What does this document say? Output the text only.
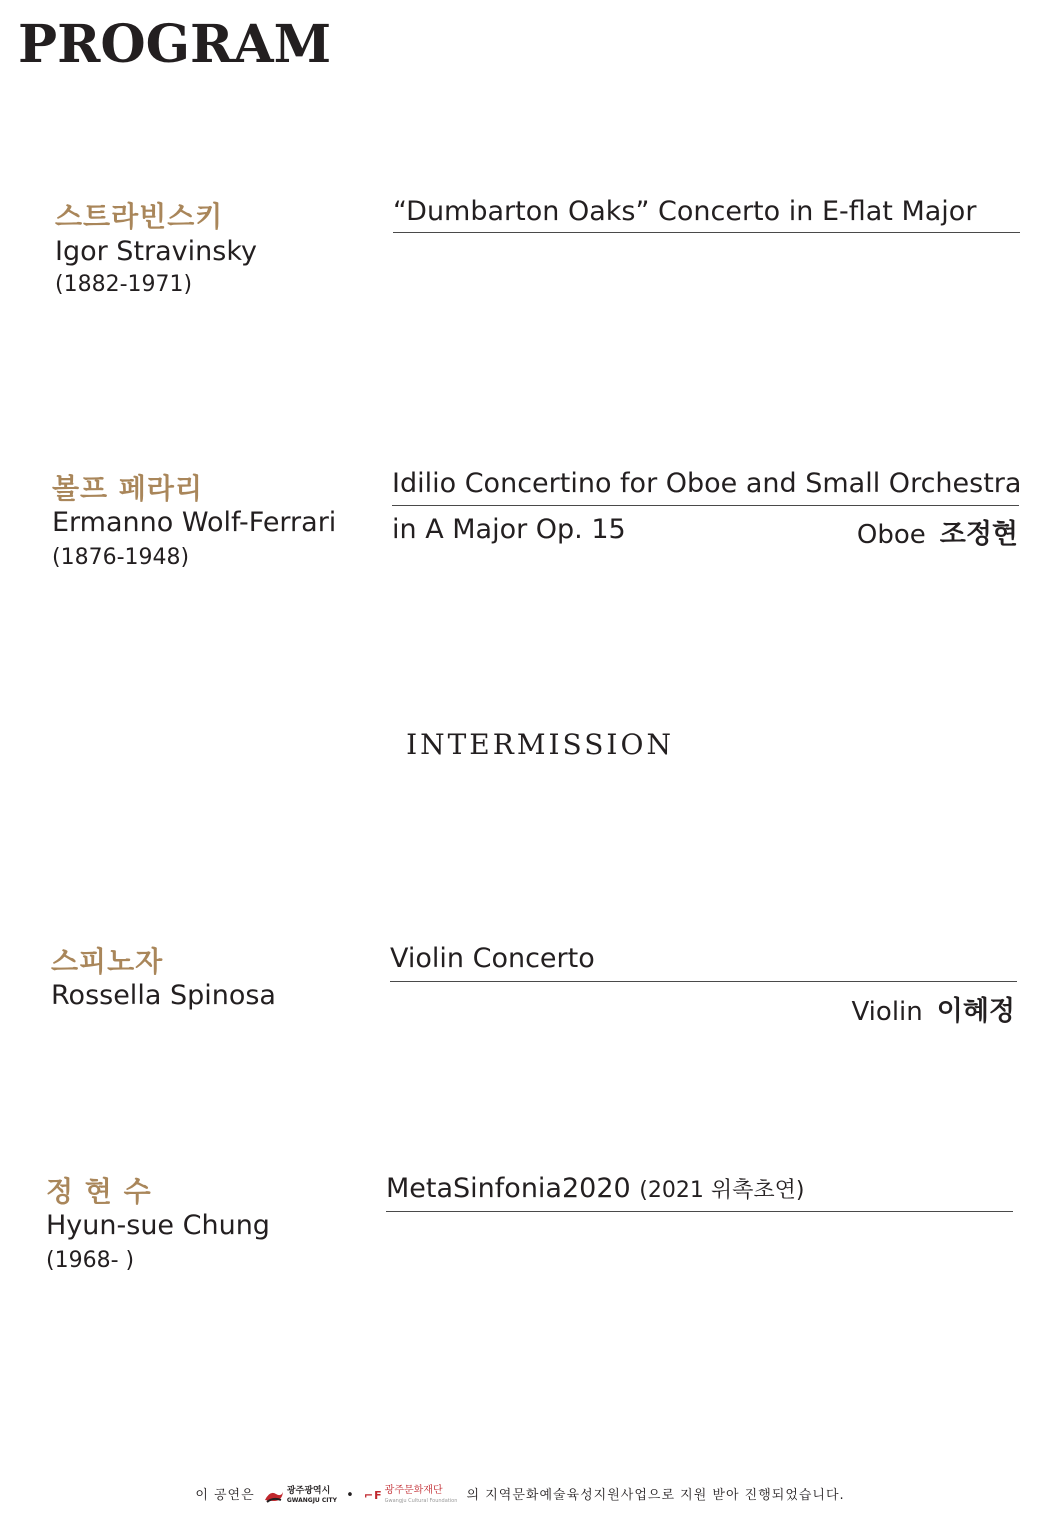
PROGRAM
스트라빈스키
Igor Stravinsky
(1882-1971)
“Dumbarton Oaks” Concerto in E-flat Major
볼프 페라리
Ermanno Wolf-Ferrari
(1876-1948)
Idilio Concertino for Oboe and Small Orchestra
in A Major Op. 15	Oboe 조정현
INTERMISSION
스피노자
Rossella Spinosa
Violin Concerto
Violin 이혜정
정 현 수
Hyun-sue Chung
(1968- )
MetaSinfonia2020 (2021 위촉초연)
이 공연은	광주광역시
GWANGJU CITY • ⌐F 광주문화재단
Gwangju Cultural Foundation 의 지역문화예술육성지원사업으로 지원 받아 진행되었습니다.
